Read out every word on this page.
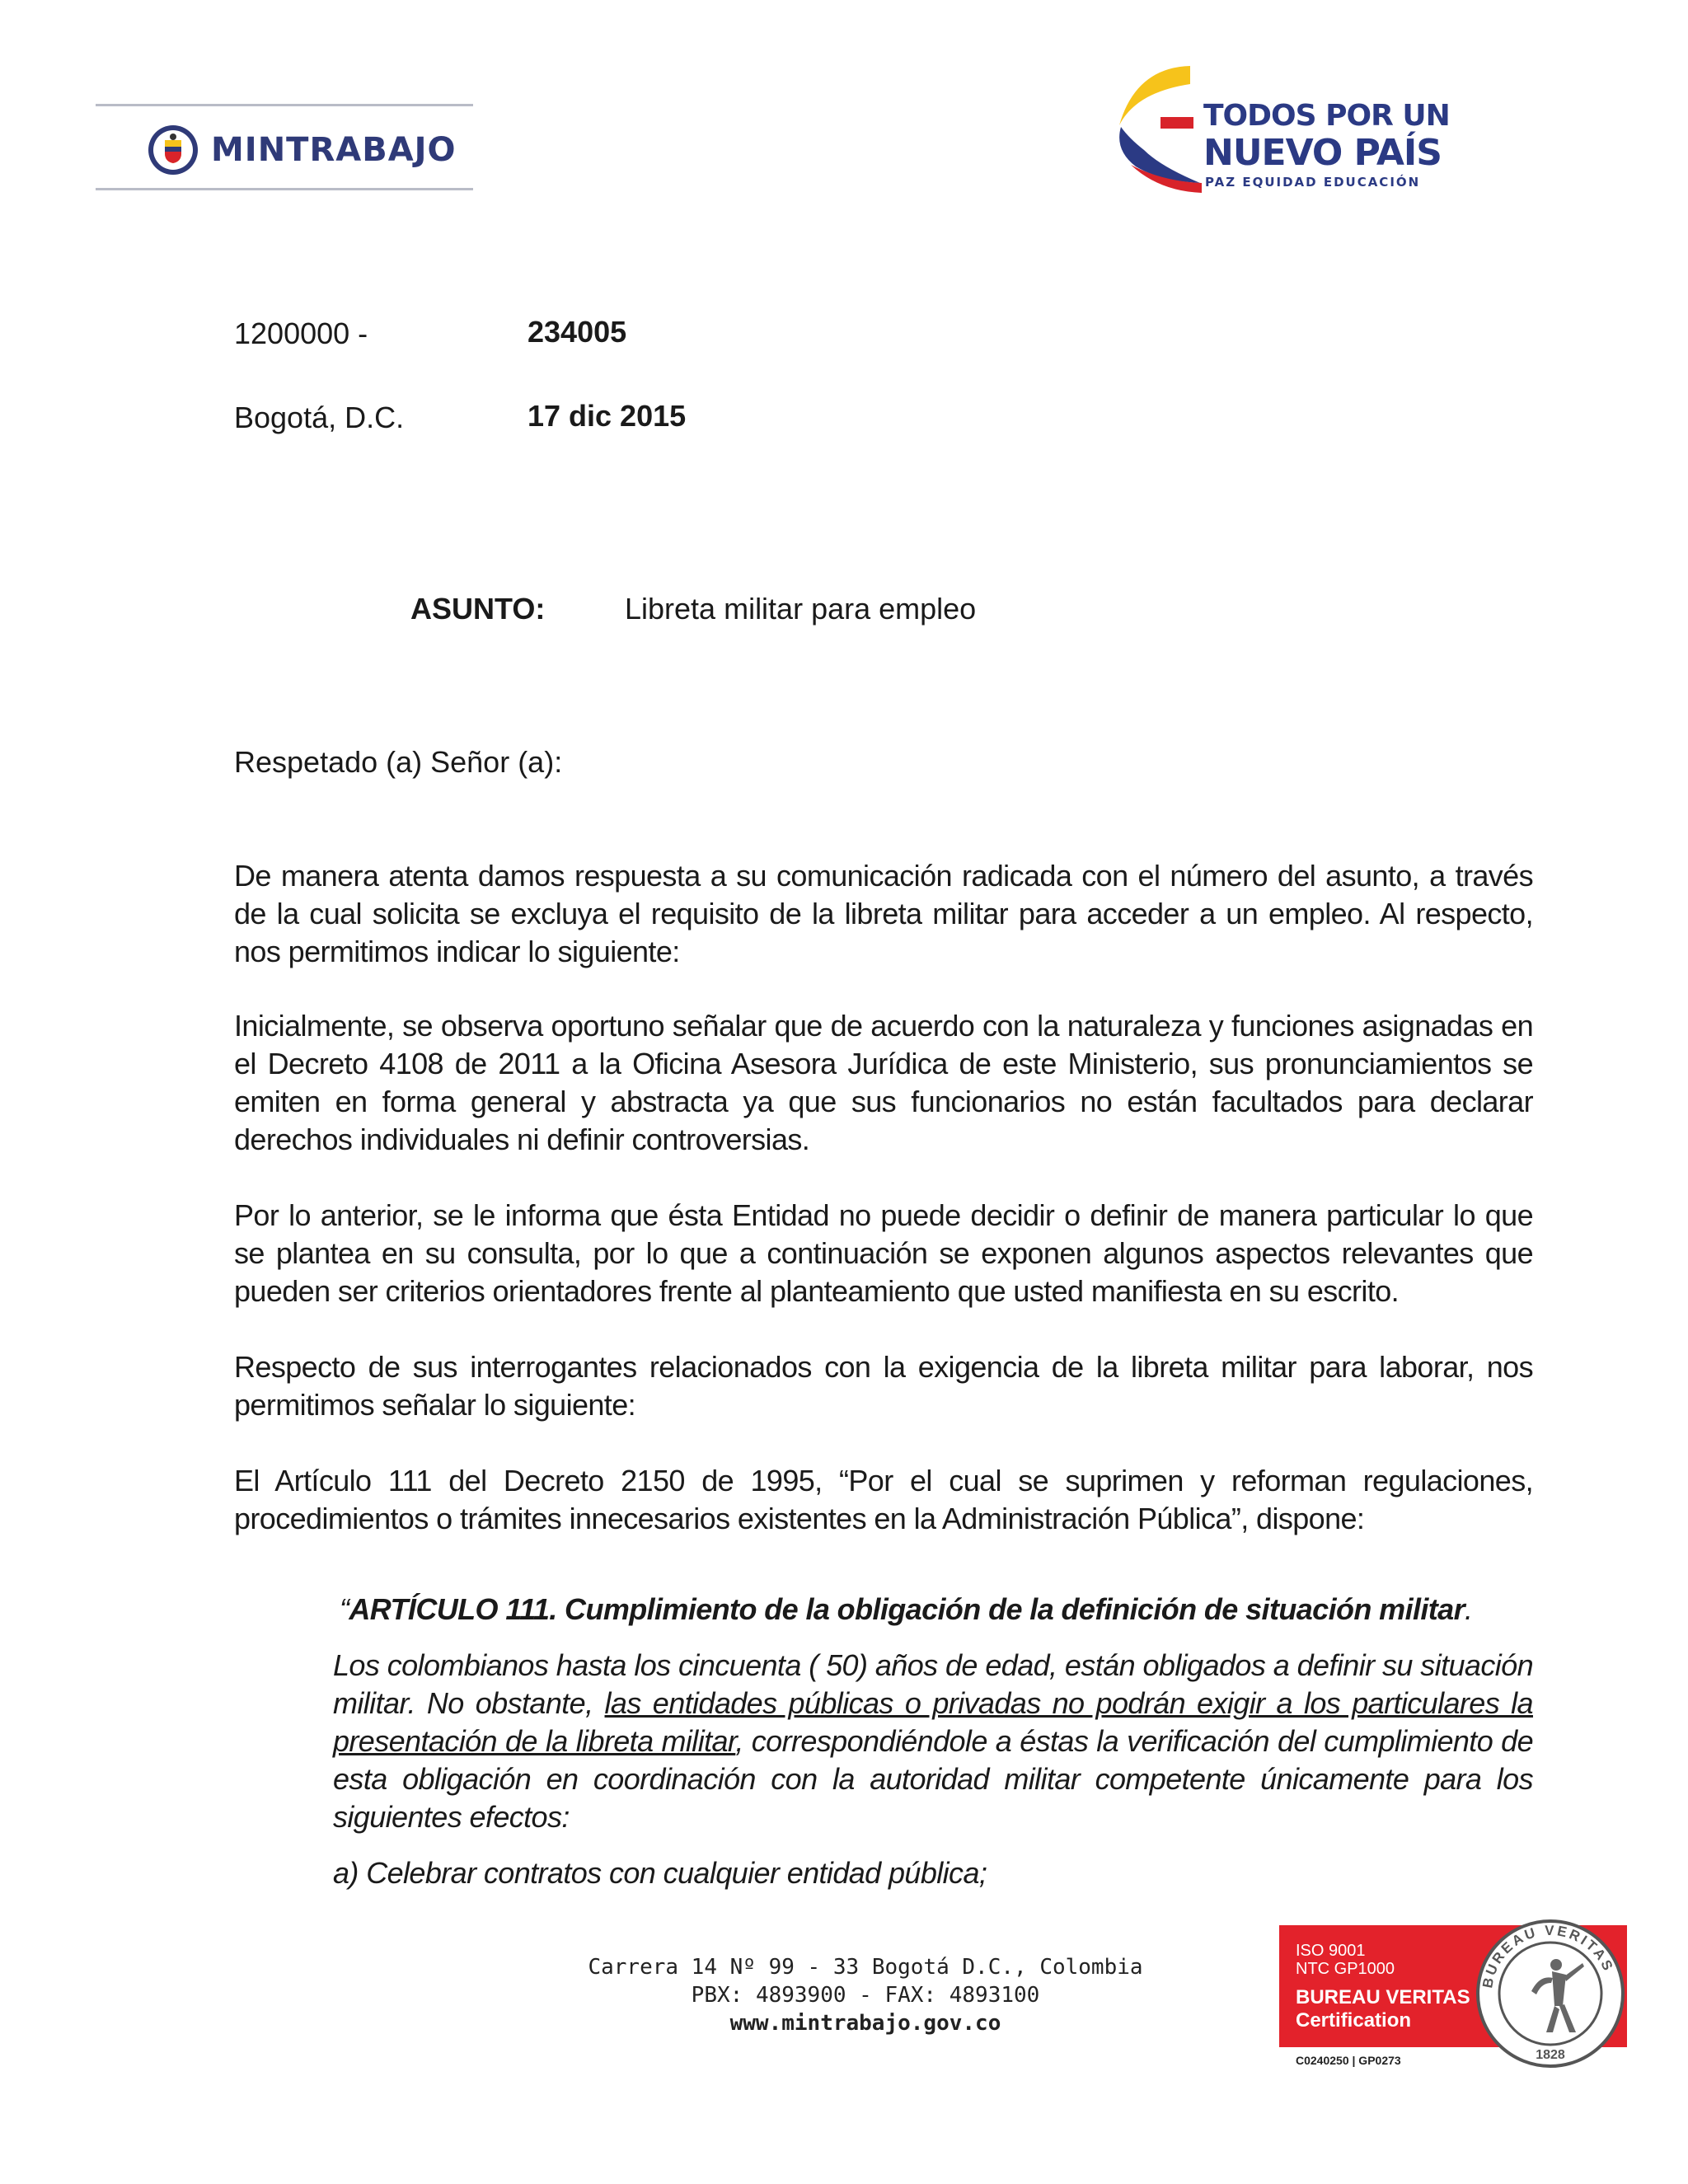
MINTRABAJO
TODOS POR UN
NUEVO PAÍS
PAZ EQUIDAD EDUCACIÓN
1200000 -	234005
Bogotá, D.C.	17 dic 2015
ASUNTO:	Libreta militar para empleo
Respetado (a) Señor (a):

De manera atenta damos respuesta a su comunicación radicada con el número del asunto, a través de la cual solicita se excluya el requisito de la libreta militar para acceder a un empleo. Al respecto, nos permitimos indicar lo siguiente:

Inicialmente, se observa oportuno señalar que de acuerdo con la naturaleza y funciones asignadas en el Decreto 4108 de 2011 a la Oficina Asesora Jurídica de este Ministerio, sus pronunciamientos se emiten en forma general y abstracta ya que sus funcionarios no están facultados para declarar derechos individuales ni definir controversias.

Por lo anterior, se le informa que ésta Entidad no puede decidir o definir de manera particular lo que se plantea en su consulta, por lo que a continuación se exponen algunos aspectos relevantes que pueden ser criterios orientadores frente al planteamiento que usted manifiesta en su escrito.

Respecto de sus interrogantes relacionados con la exigencia de la libreta militar para laborar, nos permitimos señalar lo siguiente:

El Artículo 111 del Decreto 2150 de 1995, “Por el cual se suprimen y reforman regulaciones, procedimientos o trámites innecesarios existentes en la Administración Pública”, dispone:

“ARTÍCULO 111. Cumplimiento de la obligación de la definición de situación militar.

Los colombianos hasta los cincuenta ( 50) años de edad, están obligados a definir su situación militar. No obstante, las entidades públicas o privadas no podrán exigir a los particulares la presentación de la libreta militar, correspondiéndole a éstas la verificación del cumplimiento de esta obligación en coordinación con la autoridad militar competente únicamente para los siguientes efectos:

a) Celebrar contratos con cualquier entidad pública;

Carrera 14 Nº 99 - 33 Bogotá D.C., Colombia
PBX: 4893900 - FAX: 4893100
www.mintrabajo.gov.co
ISO 9001
NTC GP1000
BUREAU VERITAS
Certification
C0240250 | GP0273
BUREAU VERITAS
1828
